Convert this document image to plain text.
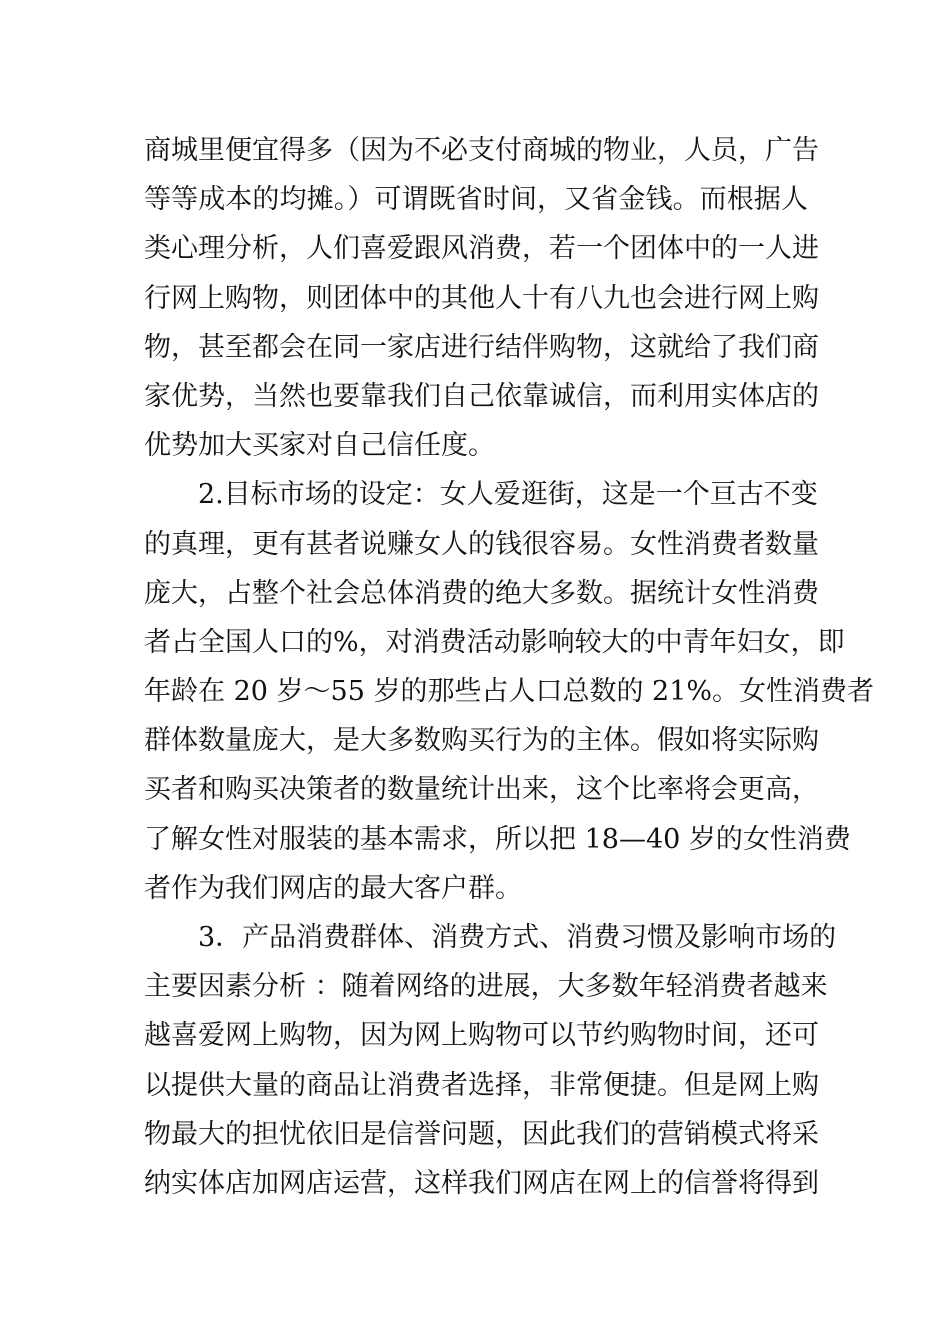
商城里便宜得多（因为不必支付商城的物业，人员，广告
等等成本的均摊。）可谓既省时间，又省金钱。而根据人
类心理分析，人们喜爱跟风消费，若一个团体中的一人进
行网上购物，则团体中的其他人十有八九也会进行网上购
物，甚至都会在同一家店进行结伴购物，这就给了我们商
家优势，当然也要靠我们自己依靠诚信，而利用实体店的
优势加大买家对自己信任度。
2.目标市场的设定：女人爱逛街，这是一个亘古不变
的真理，更有甚者说赚女人的钱很容易。女性消费者数量
庞大，占整个社会总体消费的绝大多数。据统计女性消费
者占全国人口的%，对消费活动影响较大的中青年妇女，即
年龄在 20 岁～55 岁的那些占人口总数的 21%。女性消费者
群体数量庞大，是大多数购买行为的主体。假如将实际购
买者和购买决策者的数量统计出来，这个比率将会更高，
了解女性对服装的基本需求，所以把 18—40 岁的女性消费
者作为我们网店的最大客户群。
3．产品消费群体、消费方式、消费习惯及影响市场的
主要因素分析 ：随着网络的进展，大多数年轻消费者越来
越喜爱网上购物，因为网上购物可以节约购物时间，还可
以提供大量的商品让消费者选择，非常便捷。但是网上购
物最大的担忧依旧是信誉问题，因此我们的营销模式将采
纳实体店加网店运营，这样我们网店在网上的信誉将得到
